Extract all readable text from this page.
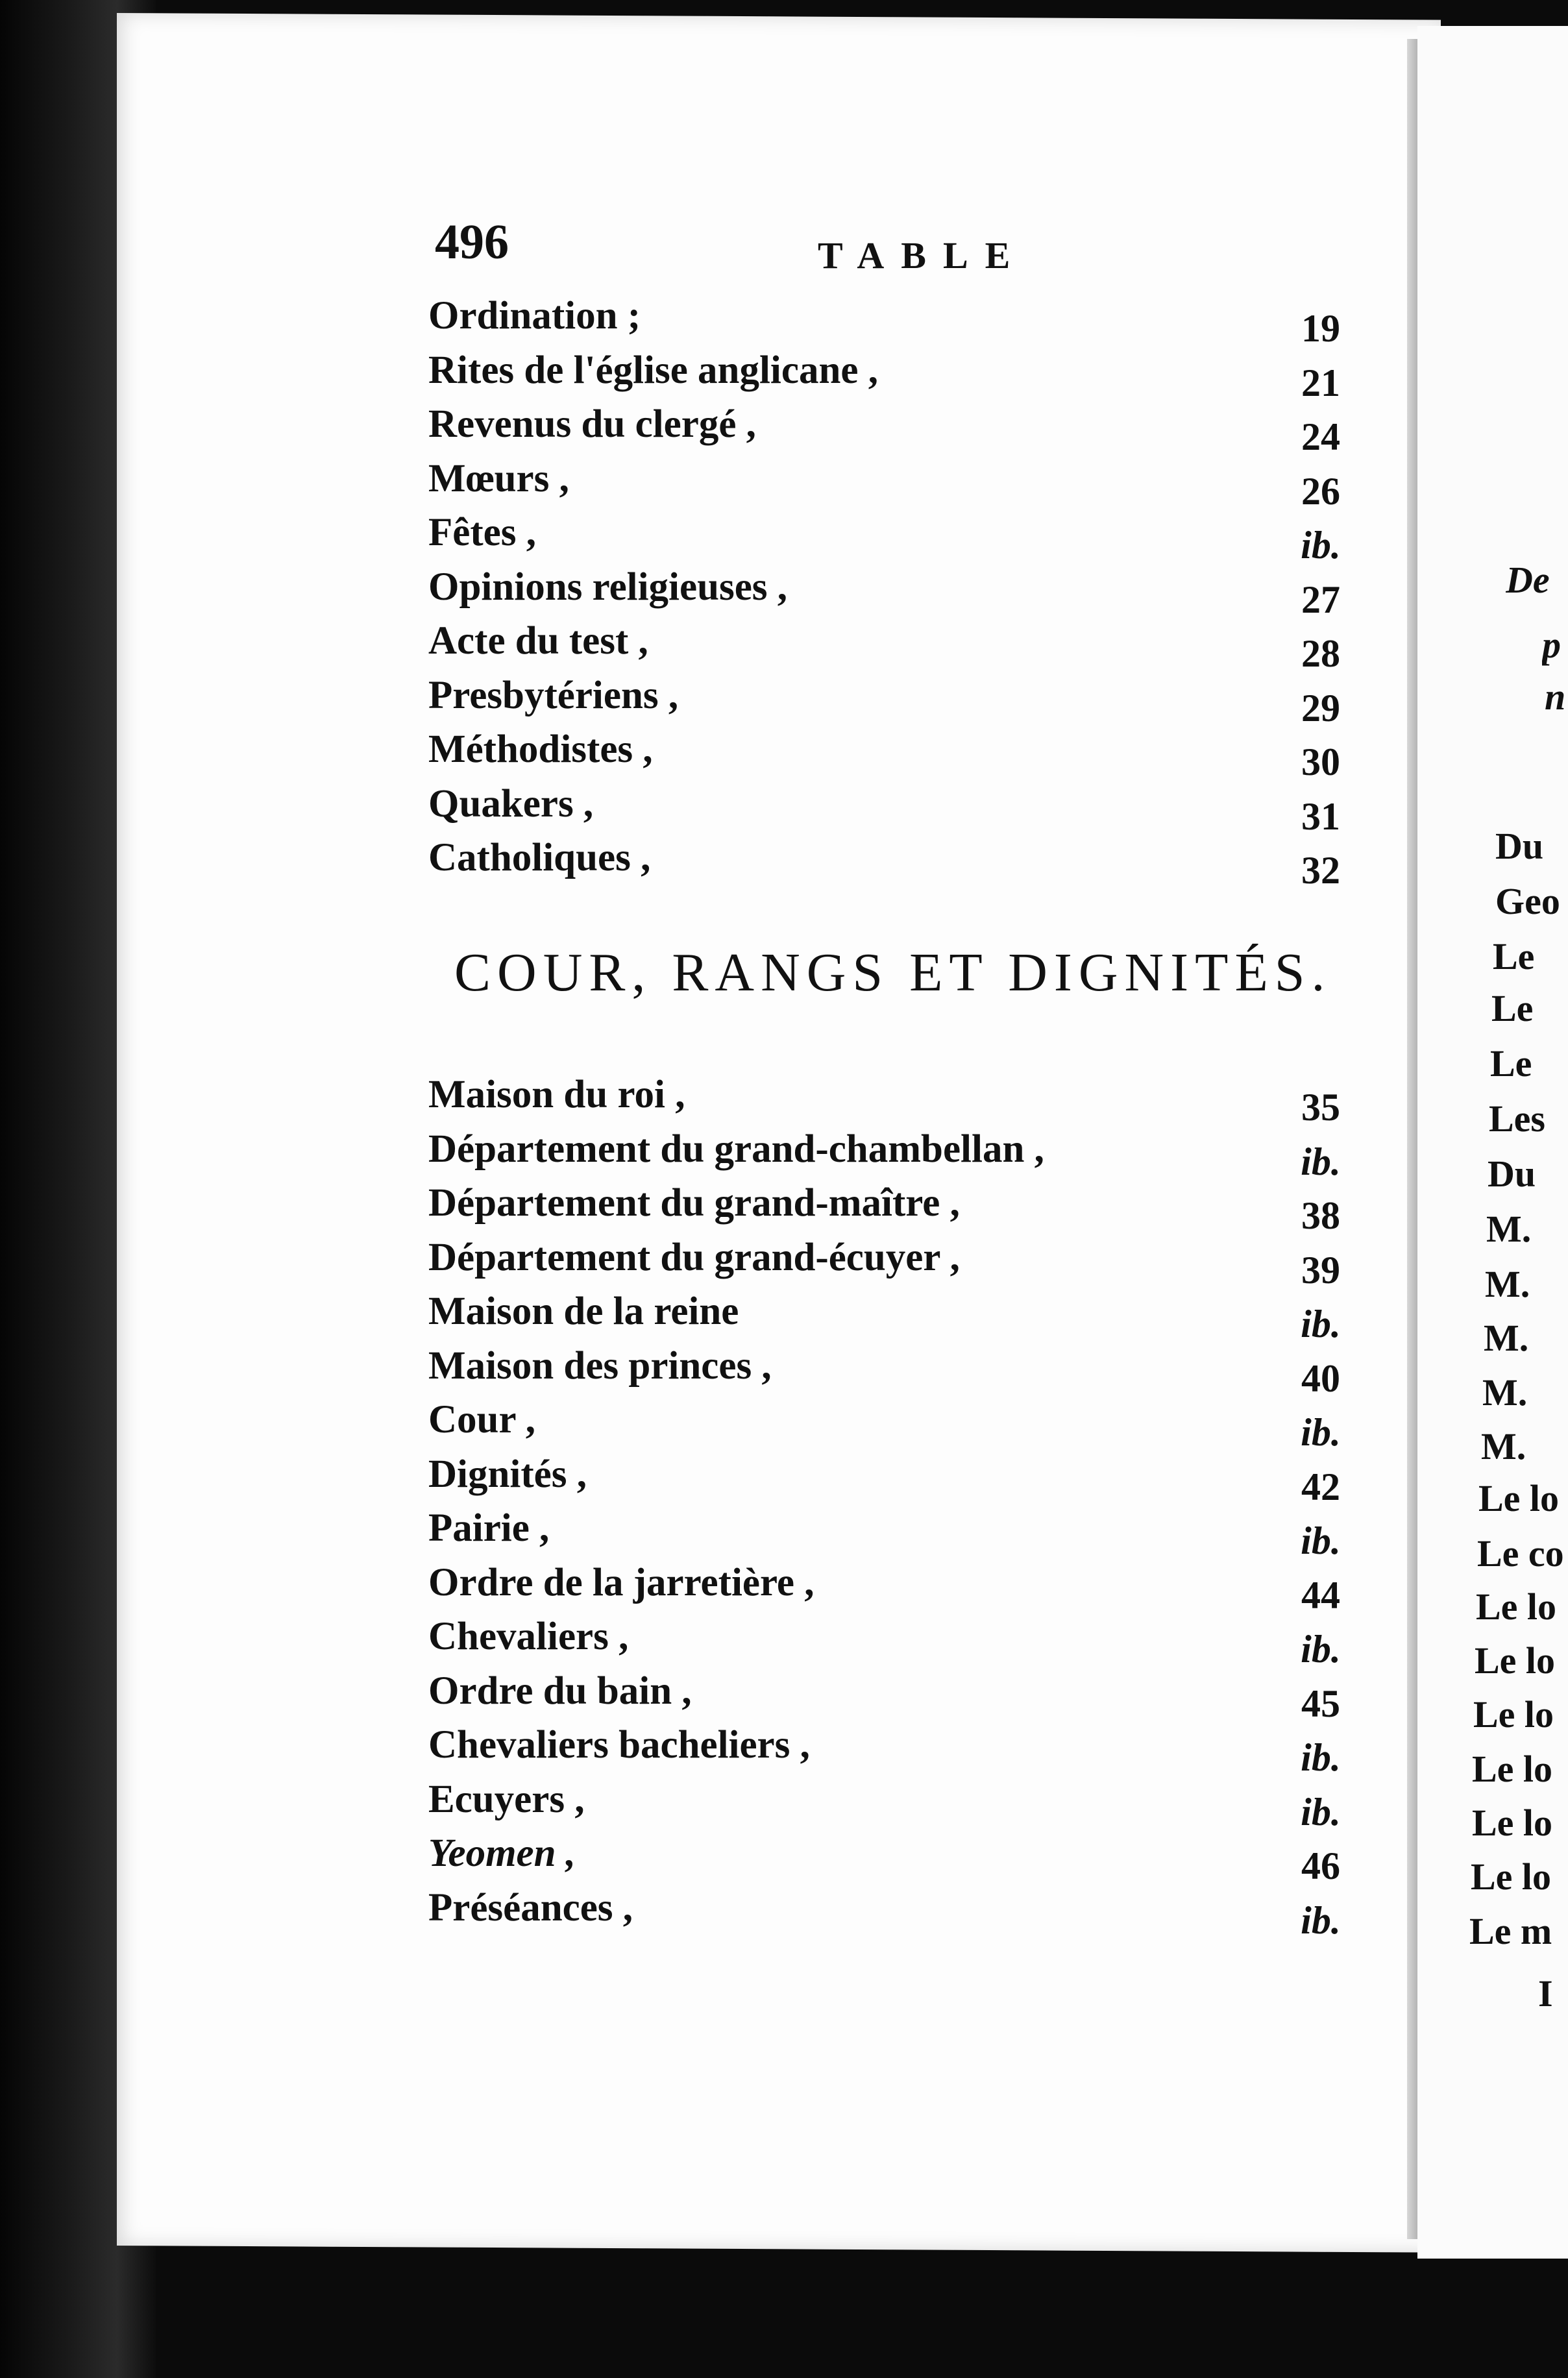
496	TABLE
Ordination ;	19
Rites de l'église anglicane ,	21
Revenus du clergé ,	24
Mœurs ,	26
Fêtes ,	ib.
Opinions religieuses ,	27
Acte du test ,	28
Presbytériens ,	29
Méthodistes ,	30
Quakers ,	31
Catholiques ,	32
COUR, RANGS ET DIGNITÉS.
Maison du roi ,	35
Département du grand-chambellan ,	ib.
Département du grand-maître ,	38
Département du grand-écuyer ,	39
Maison de la reine	ib.
Maison des princes ,	40
Cour ,	ib.
Dignités ,	42
Pairie ,	ib.
Ordre de la jarretière ,	44
Chevaliers ,	ib.
Ordre du bain ,	45
Chevaliers bacheliers ,	ib.
Ecuyers ,	ib.
Yeomen ,	46
Préséances ,	ib.
De
p
n
Du
Geo
Le
Le
Le
Les
Du
M.
M.
M.
M.
M.
Le lo
Le co
Le lo
Le lo
Le lo
Le lo
Le lo
Le lo
Le m
I
